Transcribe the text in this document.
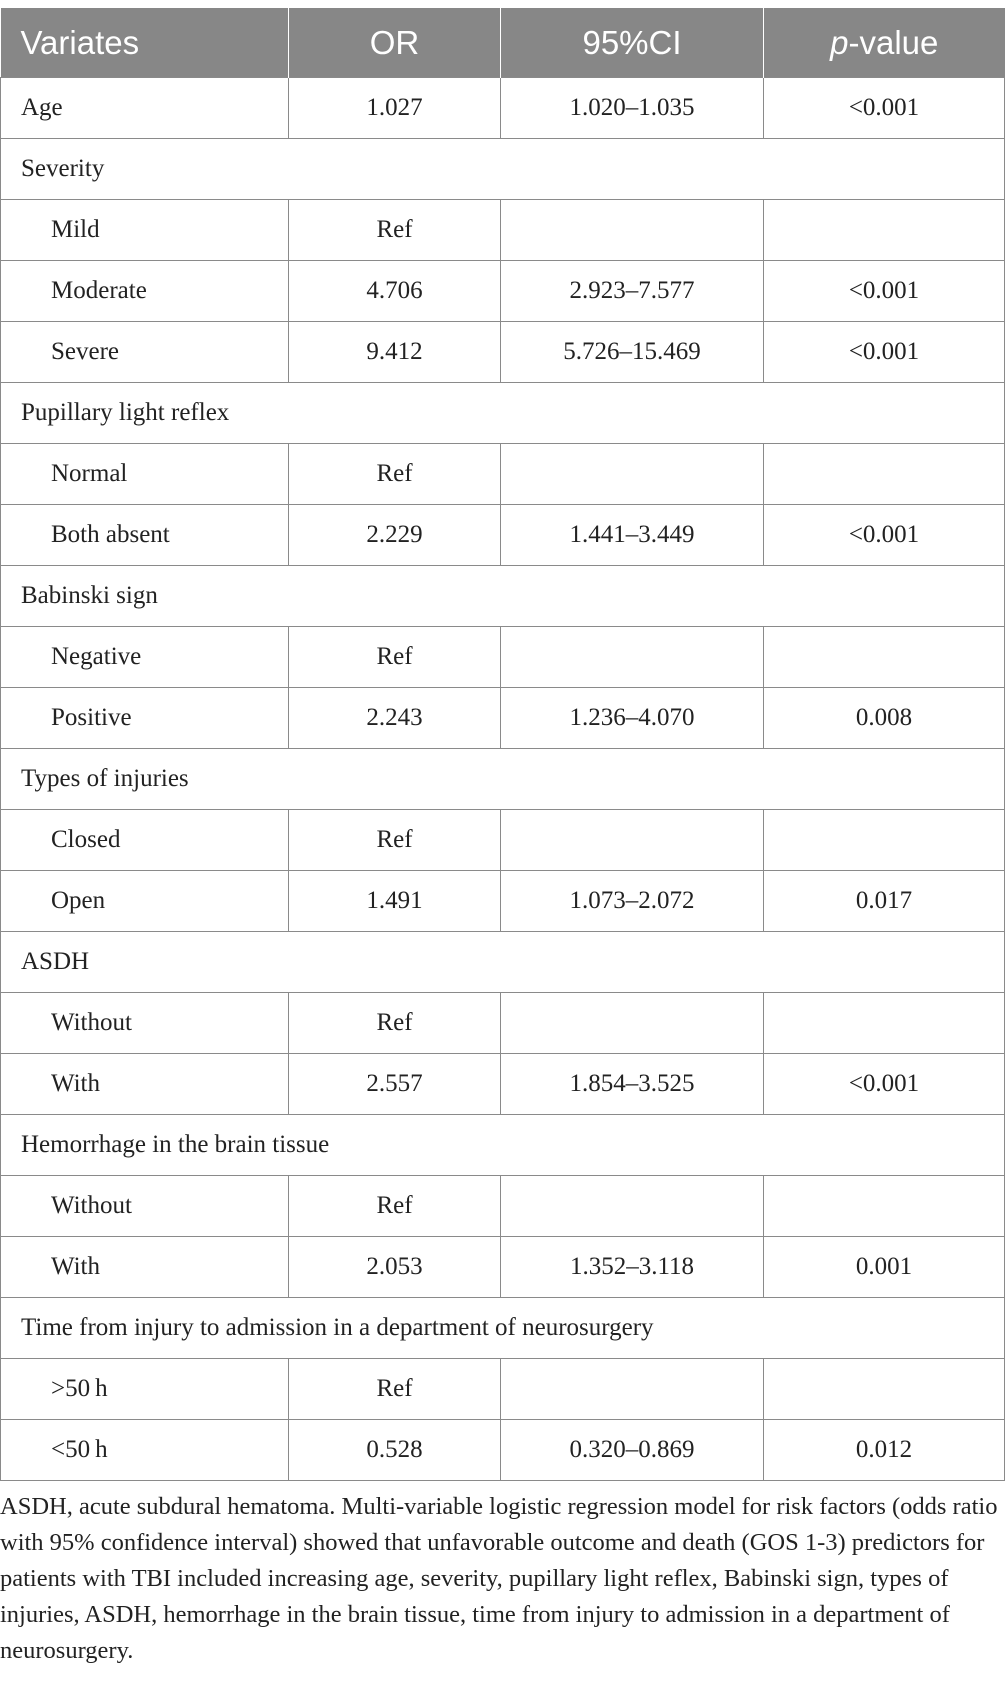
Variates	OR	95%CI	p-value
Age	1.027	1.020–1.035	<0.001
Severity			
Mild	Ref		
Moderate	4.706	2.923–7.577	<0.001
Severe	9.412	5.726–15.469	<0.001
Pupillary light reflex			
Normal	Ref		
Both absent	2.229	1.441–3.449	<0.001
Babinski sign			
Negative	Ref		
Positive	2.243	1.236–4.070	0.008
Types of injuries			
Closed	Ref		
Open	1.491	1.073–2.072	0.017
ASDH			
Without	Ref		
With	2.557	1.854–3.525	<0.001
Hemorrhage in the brain tissue			
Without	Ref		
With	2.053	1.352–3.118	0.001
Time from injury to admission in a department of neurosurgery			
>50 h	Ref		
<50 h	0.528	0.320–0.869	0.012

ASDH, acute subdural hematoma. Multi-variable logistic regression model for risk factors (odds ratio with 95% confidence interval) showed that unfavorable outcome and death (GOS 1-3) predictors for patients with TBI included increasing age, severity, pupillary light reflex, Babinski sign, types of injuries, ASDH, hemorrhage in the brain tissue, time from injury to admission in a department of neurosurgery.
